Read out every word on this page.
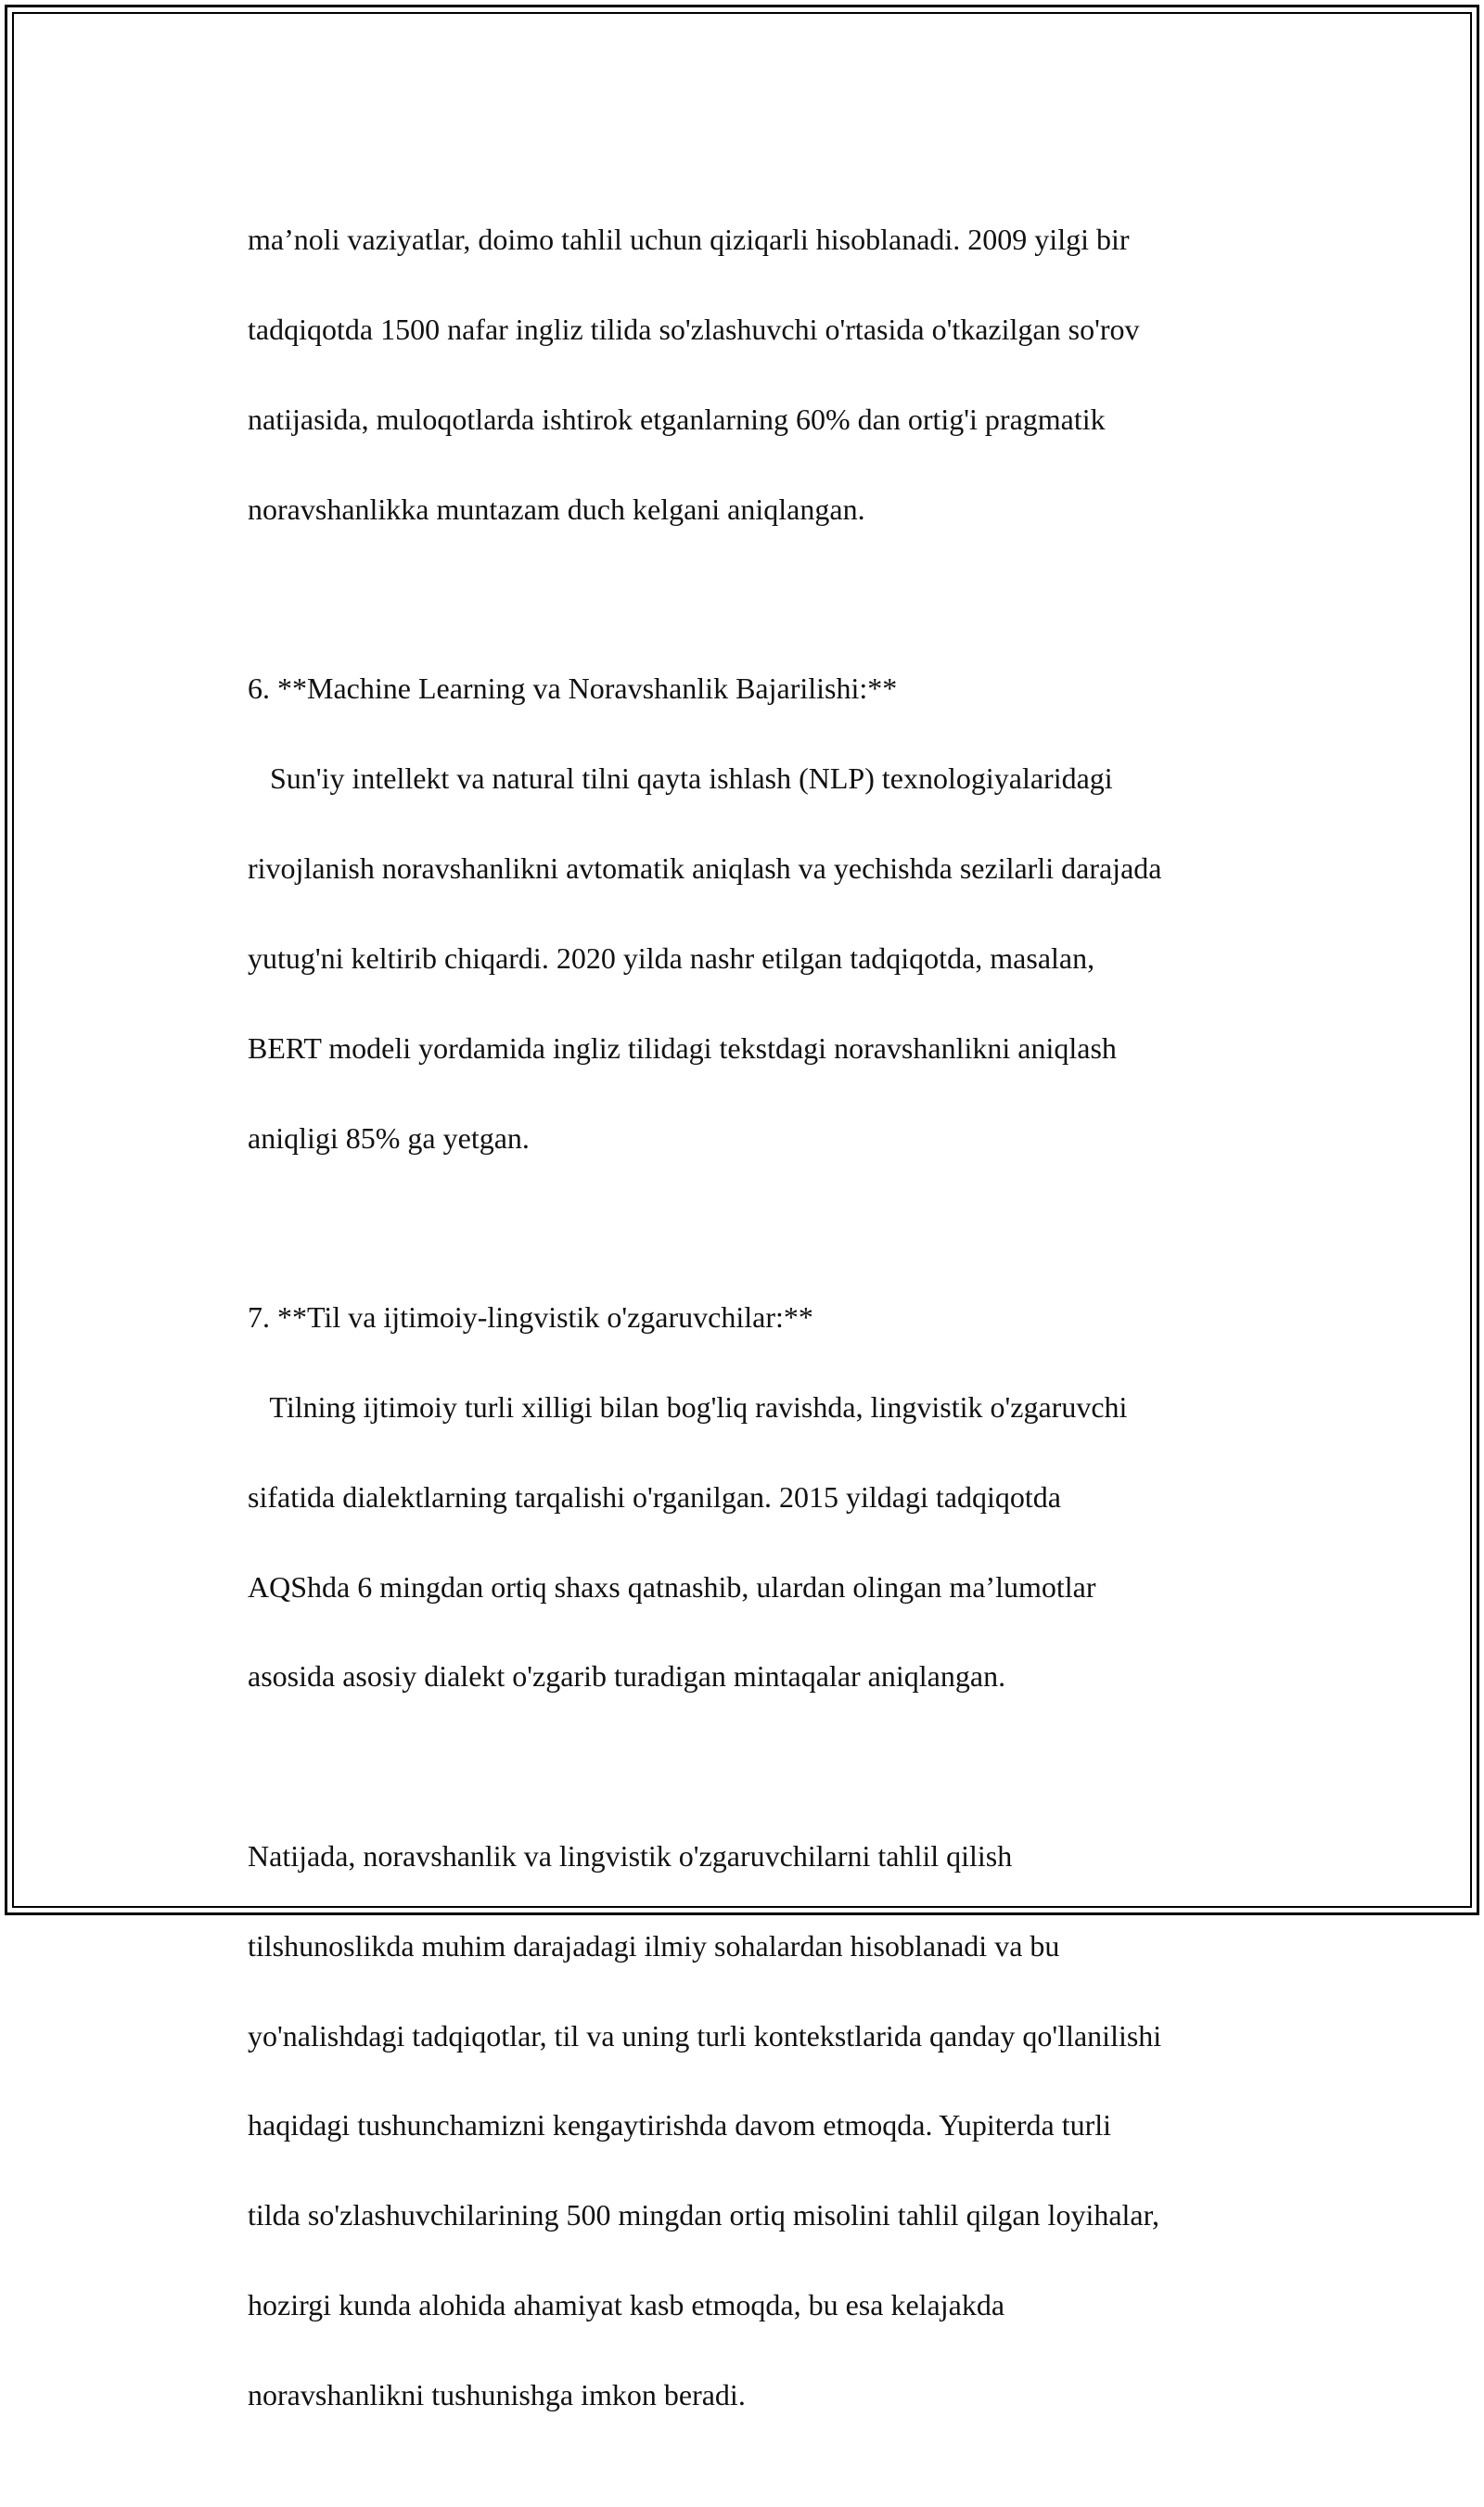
ma’noli vaziyatlar, doimo tahlil uchun qiziqarli hisoblanadi. 2009 yilgi bir

tadqiqotda 1500 nafar ingliz tilida so'zlashuvchi o'rtasida o'tkazilgan so'rov

natijasida, muloqotlarda ishtirok etganlarning 60% dan ortig'i pragmatik

noravshanlikka muntazam duch kelgani aniqlangan.

6. **Machine Learning va Noravshanlik Bajarilishi:**

Sun'iy intellekt va natural tilni qayta ishlash (NLP) texnologiyalaridagi

rivojlanish noravshanlikni avtomatik aniqlash va yechishda sezilarli darajada

yutug'ni keltirib chiqardi. 2020 yilda nashr etilgan tadqiqotda, masalan,

BERT modeli yordamida ingliz tilidagi tekstdagi noravshanlikni aniqlash

aniqligi 85% ga yetgan.

7. **Til va ijtimoiy-lingvistik o'zgaruvchilar:**

Tilning ijtimoiy turli xilligi bilan bog'liq ravishda, lingvistik o'zgaruvchi

sifatida dialektlarning tarqalishi o'rganilgan. 2015 yildagi tadqiqotda

AQShda 6 mingdan ortiq shaxs qatnashib, ulardan olingan ma’lumotlar

asosida asosiy dialekt o'zgarib turadigan mintaqalar aniqlangan.

Natijada, noravshanlik va lingvistik o'zgaruvchilarni tahlil qilish

tilshunoslikda muhim darajadagi ilmiy sohalardan hisoblanadi va bu

yo'nalishdagi tadqiqotlar, til va uning turli kontekstlarida qanday qo'llanilishi

haqidagi tushunchamizni kengaytirishda davom etmoqda. Yupiterda turli

tilda so'zlashuvchilarining 500 mingdan ortiq misolini tahlil qilgan loyihalar,

hozirgi kunda alohida ahamiyat kasb etmoqda, bu esa kelajakda

noravshanlikni tushunishga imkon beradi.
